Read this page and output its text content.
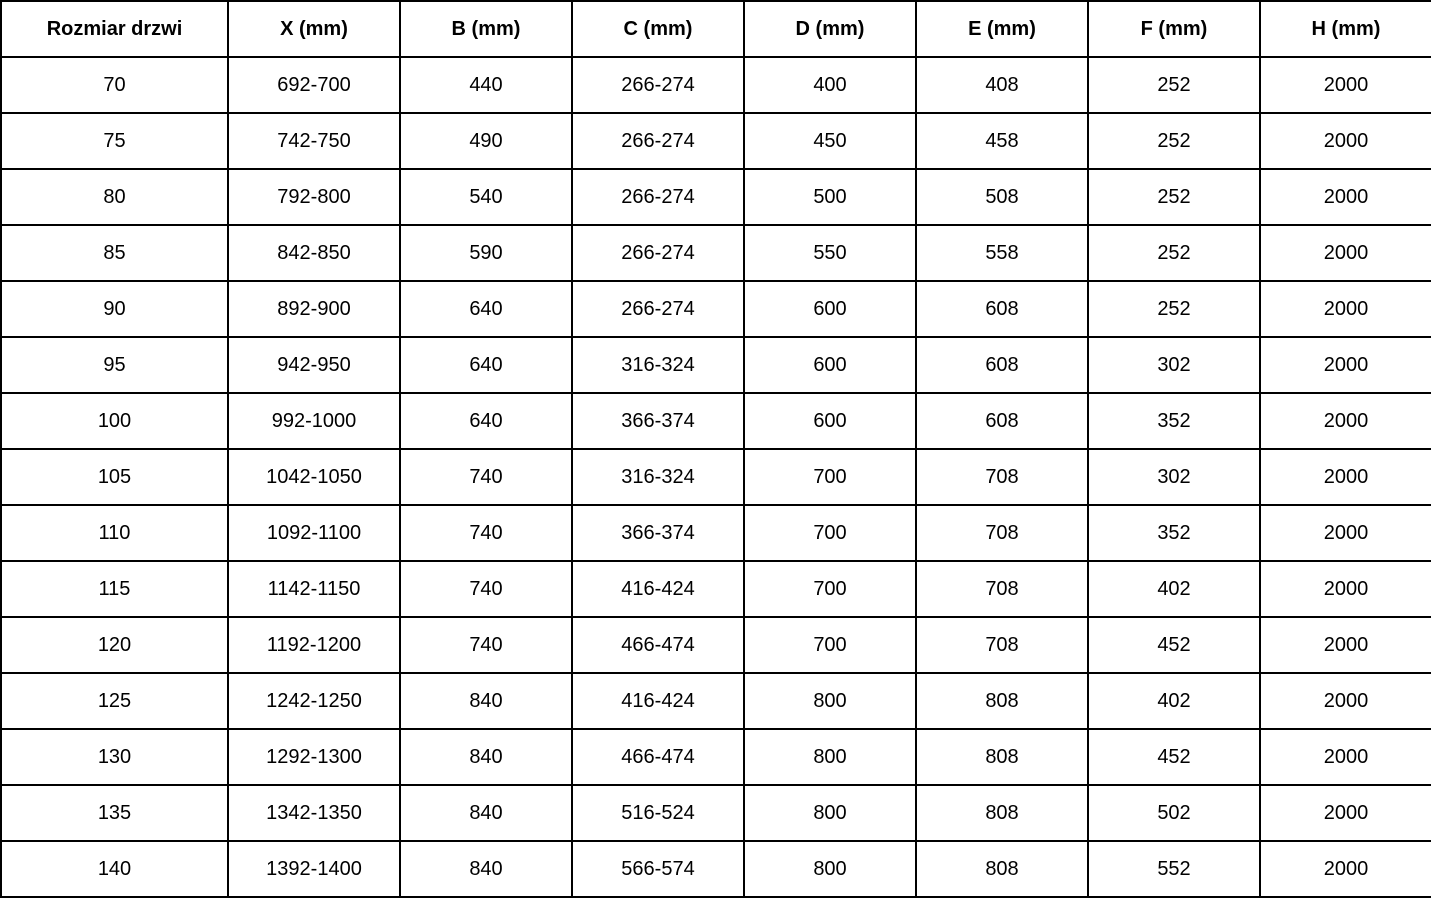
Rozmiar drzwi	X (mm)	B (mm)	C (mm)	D (mm)	E (mm)	F (mm)	H (mm)
70	692-700	440	266-274	400	408	252	2000
75	742-750	490	266-274	450	458	252	2000
80	792-800	540	266-274	500	508	252	2000
85	842-850	590	266-274	550	558	252	2000
90	892-900	640	266-274	600	608	252	2000
95	942-950	640	316-324	600	608	302	2000
100	992-1000	640	366-374	600	608	352	2000
105	1042-1050	740	316-324	700	708	302	2000
110	1092-1100	740	366-374	700	708	352	2000
115	1142-1150	740	416-424	700	708	402	2000
120	1192-1200	740	466-474	700	708	452	2000
125	1242-1250	840	416-424	800	808	402	2000
130	1292-1300	840	466-474	800	808	452	2000
135	1342-1350	840	516-524	800	808	502	2000
140	1392-1400	840	566-574	800	808	552	2000
